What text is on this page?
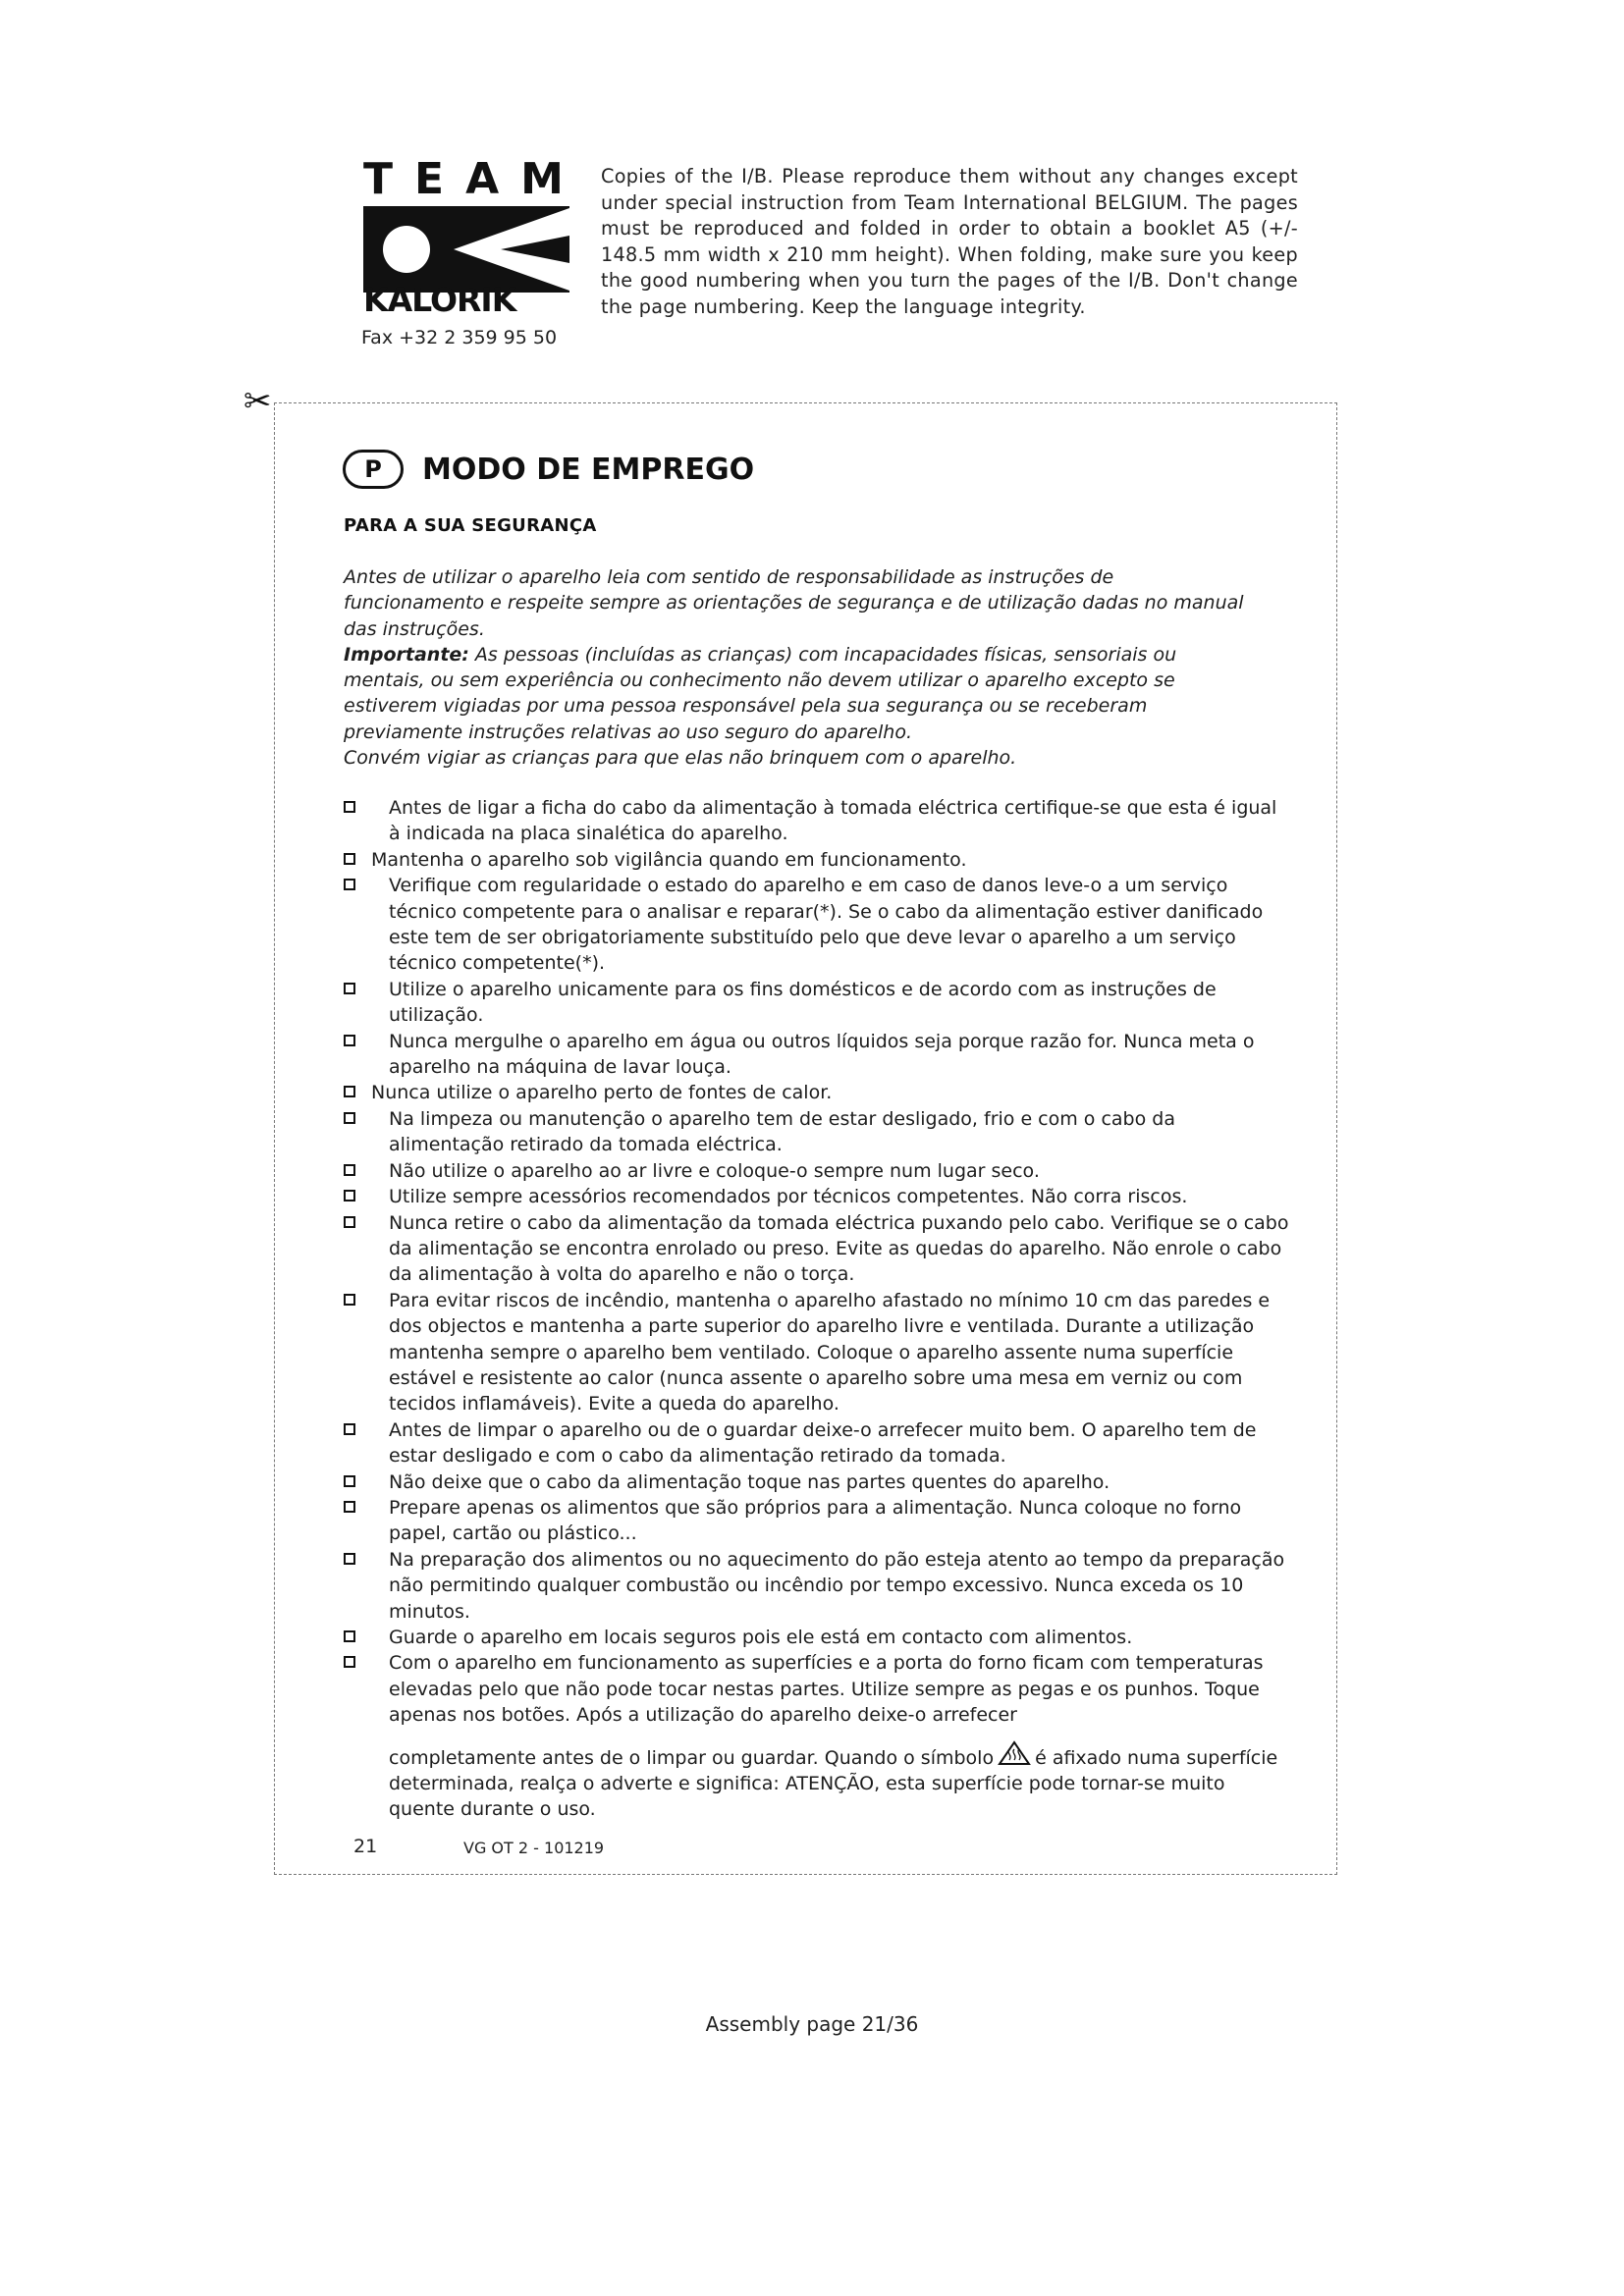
TEAM
KALORIK
Fax +32 2 359 95 50
Copies of the I/B. Please reproduce them without any changes except under special instruction from Team International BELGIUM. The pages must be reproduced and folded in order to obtain a booklet A5 (+/- 148.5 mm width x 210 mm height). When folding, make sure you keep the good numbering when you turn the pages of the I/B. Don't change the page numbering. Keep the language integrity.
✂
P	MODO DE EMPREGO
PARA A SUA SEGURANÇA

Antes de utilizar o aparelho leia com sentido de responsabilidade as instruções de funcionamento e respeite sempre as orientações de segurança e de utilização dadas no manual das instruções.

Importante: As pessoas (incluídas as crianças) com incapacidades físicas, sensoriais ou mentais, ou sem experiência ou conhecimento não devem utilizar o aparelho excepto se estiverem vigiadas por uma pessoa responsável pela sua segurança ou se receberam previamente instruções relativas ao uso seguro do aparelho.

Convém vigiar as crianças para que elas não brinquem com o aparelho.

Antes de ligar a ficha do cabo da alimentação à tomada eléctrica certifique-se que esta é igual à indicada na placa sinalética do aparelho.
Mantenha o aparelho sob vigilância quando em funcionamento.
Verifique com regularidade o estado do aparelho e em caso de danos leve-o a um serviço técnico competente para o analisar e reparar(*). Se o cabo da alimentação estiver danificado este tem de ser obrigatoriamente substituído pelo que deve levar o aparelho a um serviço técnico competente(*).
Utilize o aparelho unicamente para os fins domésticos e de acordo com as instruções de utilização.
Nunca mergulhe o aparelho em água ou outros líquidos seja porque razão for. Nunca meta o aparelho na máquina de lavar louça.
Nunca utilize o aparelho perto de fontes de calor.
Na limpeza ou manutenção o aparelho tem de estar desligado, frio e com o cabo da alimentação retirado da tomada eléctrica.
Não utilize o aparelho ao ar livre e coloque-o sempre num lugar seco.
Utilize sempre acessórios recomendados por técnicos competentes. Não corra riscos.
Nunca retire o cabo da alimentação da tomada eléctrica puxando pelo cabo. Verifique se o cabo da alimentação se encontra enrolado ou preso. Evite as quedas do aparelho. Não enrole o cabo da alimentação à volta do aparelho e não o torça.
Para evitar riscos de incêndio, mantenha o aparelho afastado no mínimo 10 cm das paredes e dos objectos e mantenha a parte superior do aparelho livre e ventilada. Durante a utilização mantenha sempre o aparelho bem ventilado. Coloque o aparelho assente numa superfície estável e resistente ao calor (nunca assente o aparelho sobre uma mesa em verniz ou com tecidos inflamáveis). Evite a queda do aparelho.
Antes de limpar o aparelho ou de o guardar deixe-o arrefecer muito bem. O aparelho tem de estar desligado e com o cabo da alimentação retirado da tomada.
Não deixe que o cabo da alimentação toque nas partes quentes do aparelho.
Prepare apenas os alimentos que são próprios para a alimentação. Nunca coloque no forno papel, cartão ou plástico...
Na preparação dos alimentos ou no aquecimento do pão esteja atento ao tempo da preparação não permitindo qualquer combustão ou incêndio por tempo excessivo. Nunca exceda os 10 minutos.
Guarde o aparelho em locais seguros pois ele está em contacto com alimentos.
Com o aparelho em funcionamento as superfícies e a porta do forno ficam com temperaturas elevadas pelo que não pode tocar nestas partes. Utilize sempre as pegas e os punhos. Toque apenas nos botões. Após a utilização do aparelho deixe-o arrefecer
completamente antes de o limpar ou guardar. Quando o símbolo é afixado numa superfície determinada, realça o adverte e significa: ATENÇÃO, esta superfície pode tornar-se muito quente durante o uso.
21	VG OT 2 - 101219
Assembly page 21/36
